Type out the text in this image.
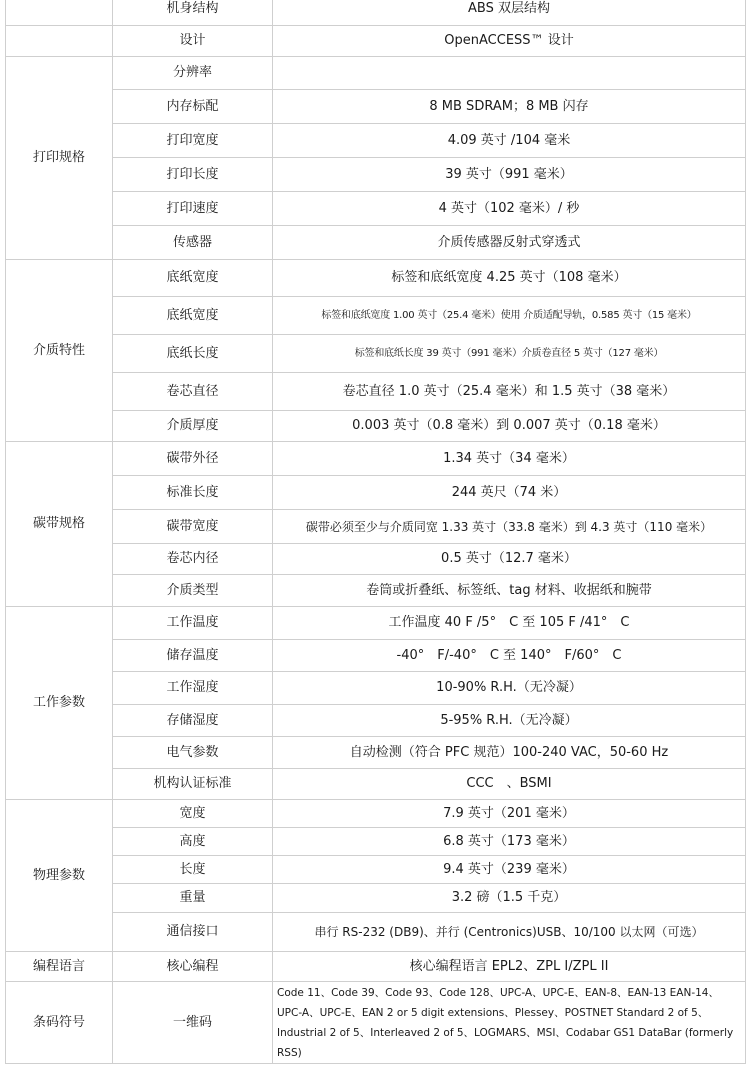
	机身结构	ABS 双层结构
	设计	OpenACCESS™ 设计
打印规格	分辨率	
	内存标配	8 MB SDRAM；8 MB 闪存
	打印宽度	4.09 英寸 /104 毫米
	打印长度	39 英寸（991 毫米）
	打印速度	4 英寸（102 毫米）/ 秒
	传感器	介质传感器反射式穿透式
介质特性	底纸宽度	标签和底纸宽度 4.25 英寸（108 毫米）
	底纸宽度	标签和底纸宽度 1.00 英寸（25.4 毫米）使用 介质适配导轨，0.585 英寸（15 毫米）
	底纸长度	标签和底纸长度 39 英寸（991 毫米）介质卷直径 5 英寸（127 毫米）
	卷芯直径	卷芯直径 1.0 英寸（25.4 毫米）和 1.5 英寸（38 毫米）
	介质厚度	0.003 英寸（0.8 毫米）到 0.007 英寸（0.18 毫米）
碳带规格	碳带外径	1.34 英寸（34 毫米）
	标准长度	244 英尺（74 米）
	碳带宽度	碳带必须至少与介质同宽 1.33 英寸（33.8 毫米）到 4.3 英寸（110 毫米）
	卷芯内径	0.5 英寸（12.7 毫米）
	介质类型	卷筒或折叠纸、标签纸、tag 材料、收据纸和腕带
工作参数	工作温度	工作温度 40 F /5°　C 至 105 F /41°　C
	储存温度	-40°　F/-40°　C 至 140°　F/60°　C
	工作湿度	10-90% R.H.（无冷凝）
	存储湿度	5-95% R.H.（无冷凝）
	电气参数	自动检测（符合 PFC 规范）100-240 VAC，50-60 Hz
	机构认证标准	CCC　、BSMI
物理参数	宽度	7.9 英寸（201 毫米）
	高度	6.8 英寸（173 毫米）
	长度	9.4 英寸（239 毫米）
	重量	3.2 磅（1.5 千克）
	通信接口	串行 RS-232 (DB9)、并行 (Centronics)USB、10/100 以太网（可选）
编程语言	核心编程	核心编程语言 EPL2、ZPL I/ZPL II
条码符号	一维码	Code 11、Code 39、Code 93、Code 128、UPC-A、UPC-E、EAN-8、EAN-13 EAN-14、UPC-A、UPC-E、EAN 2 or 5 digit extensions、Plessey、POSTNET Standard 2 of 5、Industrial 2 of 5、Interleaved 2 of 5、LOGMARS、MSI、Codabar GS1 DataBar (formerly RSS)
